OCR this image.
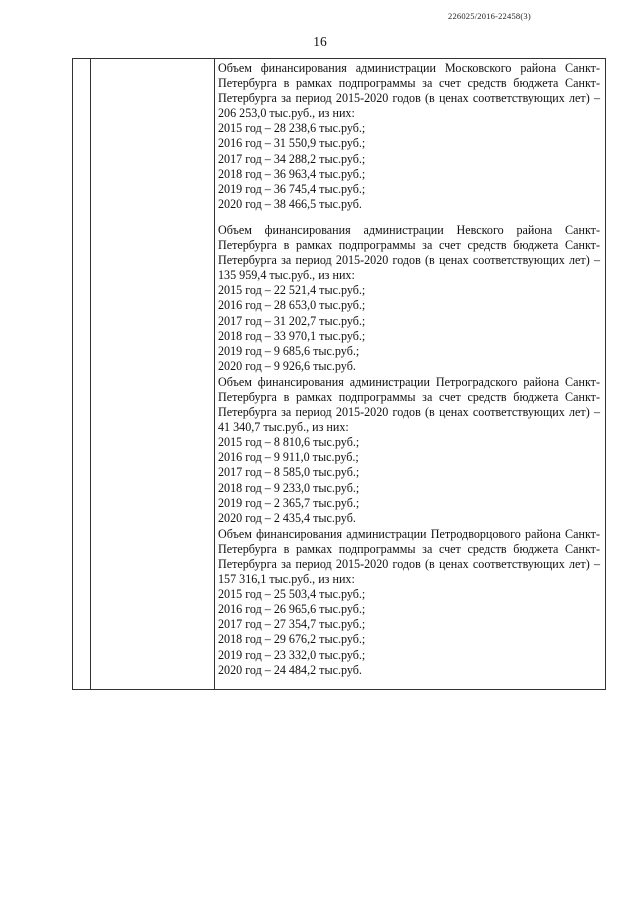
226025/2016-22458(3)
16

Объем финансирования администрации Московского района Санкт-Петербурга в рамках подпрограммы за счет средств бюджета Санкт-Петербурга за период 2015-2020 годов (в ценах соответствующих лет) – 206 253,0 тыс.руб., из них:

2015 год – 28 238,6 тыс.руб.;

2016 год – 31 550,9 тыс.руб.;

2017 год – 34 288,2 тыс.руб.;

2018 год – 36 963,4 тыс.руб.;

2019 год – 36 745,4 тыс.руб.;

2020 год – 38 466,5 тыс.руб.

Объем финансирования администрации Невского района Санкт-Петербурга в рамках подпрограммы за счет средств бюджета Санкт-Петербурга за период 2015-2020 годов (в ценах соответствующих лет) – 135 959,4 тыс.руб., из них:

2015 год – 22 521,4 тыс.руб.;

2016 год – 28 653,0 тыс.руб.;

2017 год – 31 202,7 тыс.руб.;

2018 год – 33 970,1 тыс.руб.;

2019 год – 9 685,6 тыс.руб.;

2020 год – 9 926,6 тыс.руб.

Объем финансирования администрации Петроградского района Санкт-Петербурга в рамках подпрограммы за счет средств бюджета Санкт-Петербурга за период 2015-2020 годов (в ценах соответствующих лет) – 41 340,7 тыс.руб., из них:

2015 год – 8 810,6 тыс.руб.;

2016 год – 9 911,0 тыс.руб.;

2017 год – 8 585,0 тыс.руб.;

2018 год – 9 233,0 тыс.руб.;

2019 год – 2 365,7 тыс.руб.;

2020 год – 2 435,4 тыс.руб.

Объем финансирования администрации Петродворцового района Санкт-Петербурга в рамках подпрограммы за счет средств бюджета Санкт-Петербурга за период 2015-2020 годов (в ценах соответствующих лет) – 157 316,1 тыс.руб., из них:

2015 год – 25 503,4 тыс.руб.;

2016 год – 26 965,6 тыс.руб.;

2017 год – 27 354,7 тыс.руб.;

2018 год – 29 676,2 тыс.руб.;

2019 год – 23 332,0 тыс.руб.;

2020 год – 24 484,2 тыс.руб.
